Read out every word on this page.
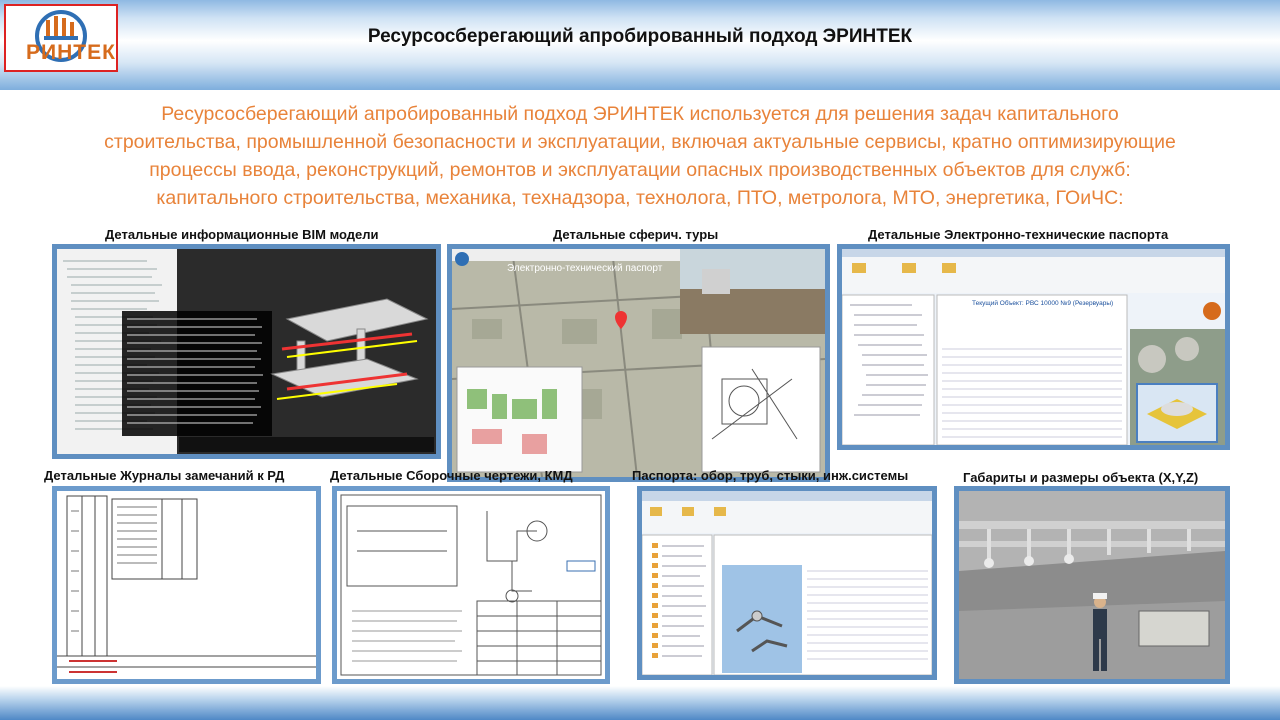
РИНТЕК
Ресурсосберегающий апробированный подход ЭРИНТЕК
Ресурсосберегающий апробированный подход ЭРИНТЕК используется для решения задач капитального
строительства, промышленной безопасности и эксплуатации, включая актуальные сервисы, кратно оптимизирующие
процессы ввода, реконструкций, ремонтов и эксплуатации опасных производственных объектов для служб:
капитального строительства, механика, технадзора, технолога, ПТО, метролога, МТО, энергетика, ГОиЧС:
Детальные информационные BIM модели	Детальные сферич. туры	Детальные Электронно-технические паспорта
Электронно-технический паспорт
Текущий Объект: РВС 10000 №9 (Резервуары)
Детальные Журналы замечаний к РД	Детальные Сборочные чертежи, КМД	Паспорта: обор, труб, стыки, инж.системы	Габариты и размеры объекта (X,Y,Z)
